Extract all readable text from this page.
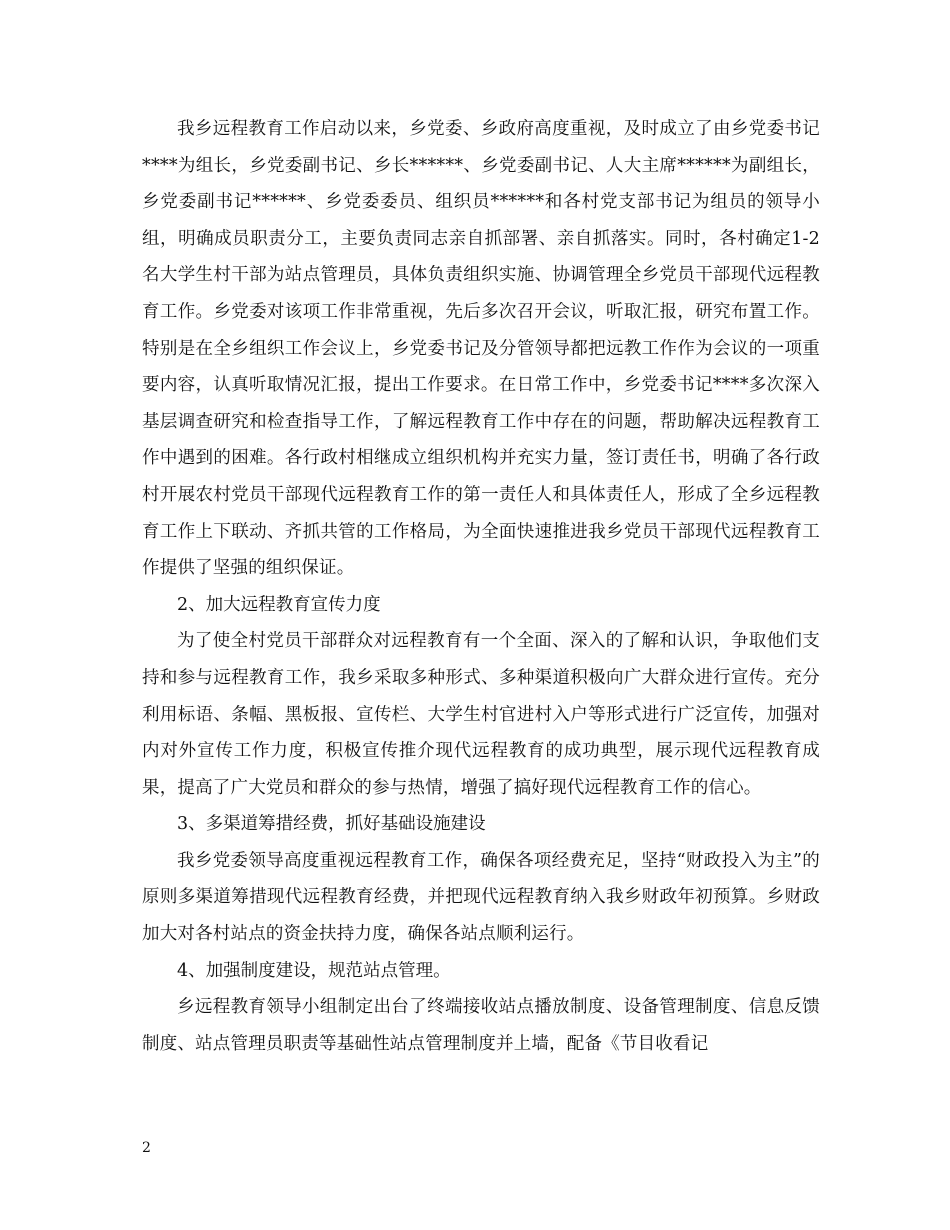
我乡远程教育工作启动以来，乡党委、乡政府高度重视，及时成立了由乡党委书记****为组长，乡党委副书记、乡长******、乡党委副书记、人大主席******为副组长，乡党委副书记******、乡党委委员、组织员******和各村党支部书记为组员的领导小组，明确成员职责分工，主要负责同志亲自抓部署、亲自抓落实。同时，各村确定1-2名大学生村干部为站点管理员，具体负责组织实施、协调管理全乡党员干部现代远程教育工作。乡党委对该项工作非常重视，先后多次召开会议，听取汇报，研究布置工作。特别是在全乡组织工作会议上，乡党委书记及分管领导都把远教工作作为会议的一项重要内容，认真听取情况汇报，提出工作要求。在日常工作中，乡党委书记****多次深入基层调查研究和检查指导工作，了解远程教育工作中存在的问题，帮助解决远程教育工作中遇到的困难。各行政村相继成立组织机构并充实力量，签订责任书，明确了各行政村开展农村党员干部现代远程教育工作的第一责任人和具体责任人，形成了全乡远程教育工作上下联动、齐抓共管的工作格局，为全面快速推进我乡党员干部现代远程教育工作提供了坚强的组织保证。

2、加大远程教育宣传力度

为了使全村党员干部群众对远程教育有一个全面、深入的了解和认识，争取他们支持和参与远程教育工作，我乡采取多种形式、多种渠道积极向广大群众进行宣传。充分利用标语、条幅、黑板报、宣传栏、大学生村官进村入户等形式进行广泛宣传，加强对内对外宣传工作力度，积极宣传推介现代远程教育的成功典型，展示现代远程教育成果，提高了广大党员和群众的参与热情，增强了搞好现代远程教育工作的信心。

3、多渠道筹措经费，抓好基础设施建设

我乡党委领导高度重视远程教育工作，确保各项经费充足，坚持“财政投入为主”的原则多渠道筹措现代远程教育经费，并把现代远程教育纳入我乡财政年初预算。乡财政加大对各村站点的资金扶持力度，确保各站点顺利运行。

4、加强制度建设，规范站点管理。

乡远程教育领导小组制定出台了终端接收站点播放制度、设备管理制度、信息反馈制度、站点管理员职责等基础性站点管理制度并上墙，配备《节目收看记

2
